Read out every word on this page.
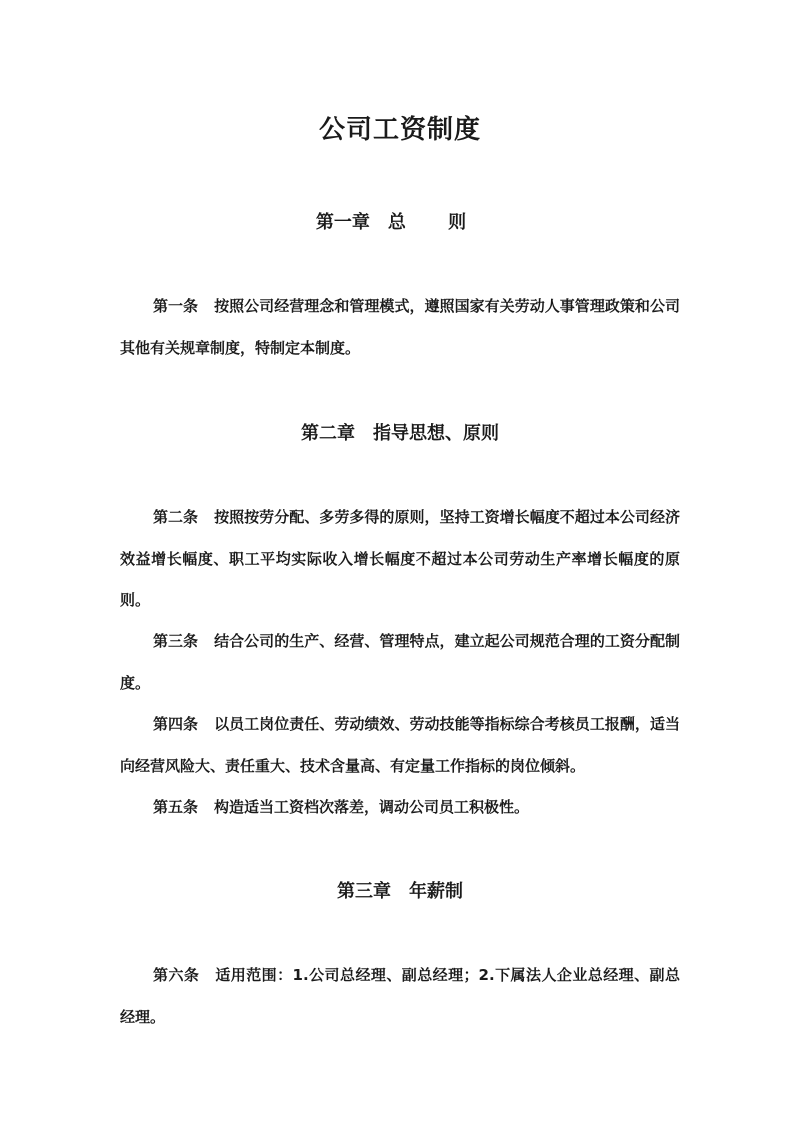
公司工资制度
第一章 总 则
第一条 按照公司经营理念和管理模式，遵照国家有关劳动人事管理政策和公司其他有关规章制度，特制定本制度。
第二章 指导思想、原则
第二条 按照按劳分配、多劳多得的原则，坚持工资增长幅度不超过本公司经济效益增长幅度、职工平均实际收入增长幅度不超过本公司劳动生产率增长幅度的原则。
第三条 结合公司的生产、经营、管理特点，建立起公司规范合理的工资分配制度。
第四条 以员工岗位责任、劳动绩效、劳动技能等指标综合考核员工报酬，适当向经营风险大、责任重大、技术含量高、有定量工作指标的岗位倾斜。
第五条 构造适当工资档次落差，调动公司员工积极性。
第三章 年薪制
第六条 适用范围：1.公司总经理、副总经理；2.下属法人企业总经理、副总经理。
